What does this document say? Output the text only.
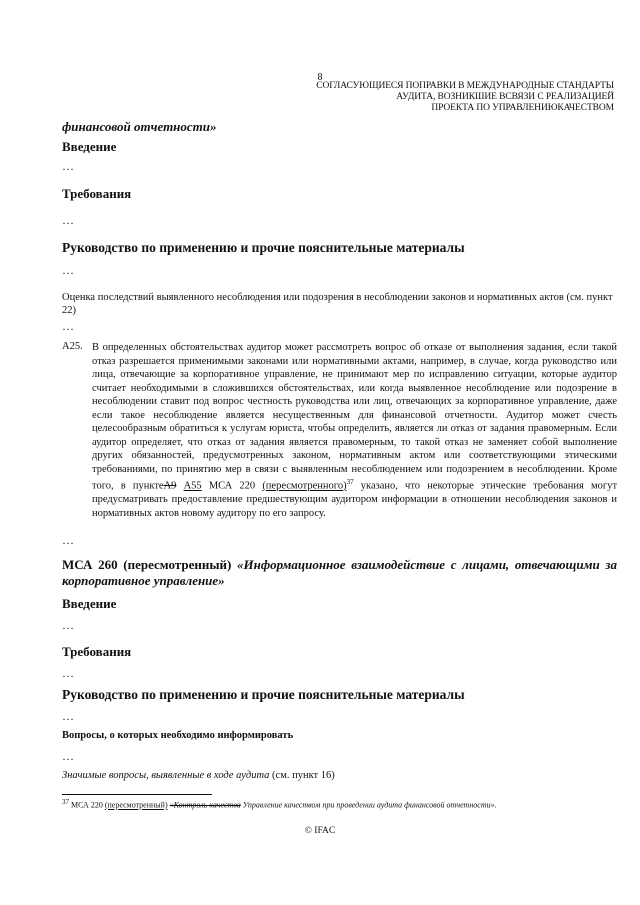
8
СОГЛАСУЮЩИЕСЯ ПОПРАВКИ В МЕЖДУНАРОДНЫЕ СТАНДАРТЫ
АУДИТА, ВОЗНИКШИЕ ВСВЯЗИ С РЕАЛИЗАЦИЕЙ
ПРОЕКТА ПО УПРАВЛЕНИЮКАЧЕСТВОМ
финансовой отчетности»
Введение
…
Требования
…
Руководство по применению и прочие пояснительные материалы
…
Оценка последствий выявленного несоблюдения или подозрения в несоблюдении законов и нормативных актов (см. пункт 22)
…
A25. В определенных обстоятельствах аудитор может рассмотреть вопрос об отказе от выполнения задания, если такой отказ разрешается применимыми законами или нормативными актами, например, в случае, когда руководство или лица, отвечающие за корпоративное управление, не принимают мер по исправлению ситуации, которые аудитор считает необходимыми в сложившихся обстоятельствах, или когда выявленное несоблюдение или подозрение в несоблюдении ставит под вопрос честность руководства или лиц, отвечающих за корпоративное управление, даже если такое несоблюдение является несущественным для финансовой отчетности. Аудитор может счесть целесообразным обратиться к услугам юриста, чтобы определить, является ли отказ от задания правомерным. Если аудитор определяет, что отказ от задания является правомерным, то такой отказ не заменяет собой выполнение других обязанностей, предусмотренных законом, нормативным актом или соответствующими этическими требованиями, по принятию мер в связи с выявленным несоблюдением или подозрением в несоблюдении. Кроме того, в пунктеА9 А55 МСА 220 (пересмотренного)$^{37}$ указано, что некоторые этические требования могут предусматривать предоставление предшествующим аудитором информации в отношении несоблюдения законов и нормативных актов новому аудитору по его запросу.
…
МСА 260 (пересмотренный) «Информационное взаимодействие с лицами, отвечающими за корпоративное управление»
Введение
…
Требования
…
Руководство по применению и прочие пояснительные материалы
…
Вопросы, о которых необходимо информировать
…
Значимые вопросы, выявленные в ходе аудита (см. пункт 16)
$^{37}$ МСА 220 (пересмотренный) «Контроль качества Управление качеством при проведении аудита финансовой отчетности».
© IFAC
